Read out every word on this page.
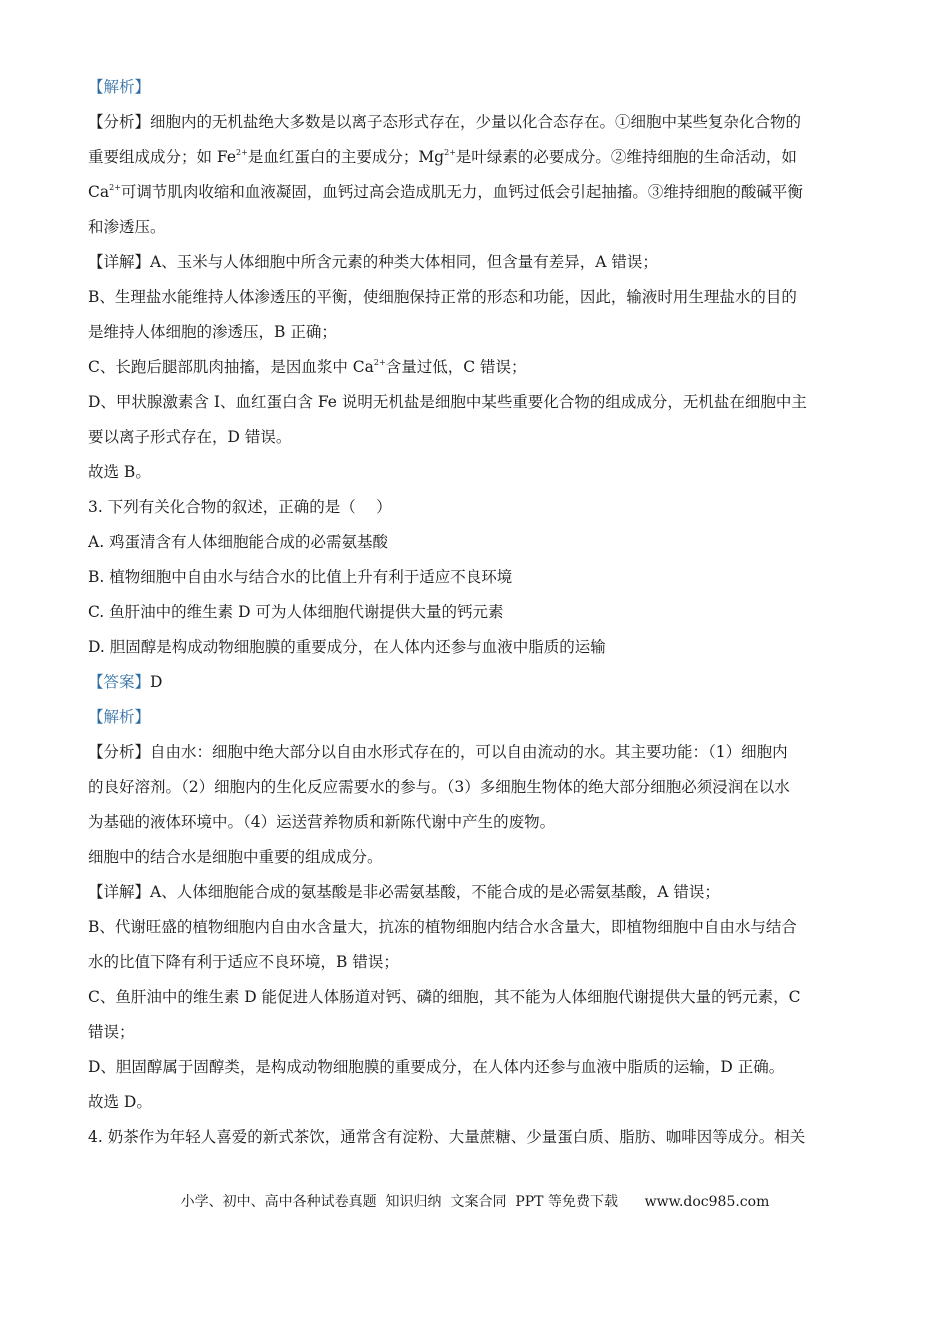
【解析】
【分析】细胞内的无机盐绝大多数是以离子态形式存在，少量以化合态存在。①细胞中某些复杂化合物的
重要组成成分；如 $Fe^{2+}$是血红蛋白的主要成分；$Mg^{2+}$是叶绿素的必要成分。②维持细胞的生命活动，如
$Ca^{2+}$可调节肌肉收缩和血液凝固，血钙过高会造成肌无力，血钙过低会引起抽搐。③维持细胞的酸碱平衡
和渗透压。
【详解】A、玉米与人体细胞中所含元素的种类大体相同，但含量有差异，A 错误；
B、生理盐水能维持人体渗透压的平衡，使细胞保持正常的形态和功能，因此，输液时用生理盐水的目的
是维持人体细胞的渗透压，B 正确；
C、长跑后腿部肌肉抽搐，是因血浆中 $Ca^{2+}$含量过低，C 错误；
D、甲状腺激素含 I、血红蛋白含 Fe 说明无机盐是细胞中某些重要化合物的组成成分，无机盐在细胞中主
要以离子形式存在，D 错误。
故选 B。
3. 下列有关化合物的叙述，正确的是（　 ）
A. 鸡蛋清含有人体细胞能合成的必需氨基酸
B. 植物细胞中自由水与结合水的比值上升有利于适应不良环境
C. 鱼肝油中的维生素 D 可为人体细胞代谢提供大量的钙元素
D. 胆固醇是构成动物细胞膜的重要成分，在人体内还参与血液中脂质的运输
【答案】D
【解析】
【分析】自由水：细胞中绝大部分以自由水形式存在的，可以自由流动的水。其主要功能：（1）细胞内
的良好溶剂。（2）细胞内的生化反应需要水的参与。（3）多细胞生物体的绝大部分细胞必须浸润在以水
为基础的液体环境中。（4）运送营养物质和新陈代谢中产生的废物。
细胞中的结合水是细胞中重要的组成成分。
【详解】A、人体细胞能合成的氨基酸是非必需氨基酸，不能合成的是必需氨基酸，A 错误；
B、代谢旺盛的植物细胞内自由水含量大，抗冻的植物细胞内结合水含量大，即植物细胞中自由水与结合
水的比值下降有利于适应不良环境，B 错误；
C、鱼肝油中的维生素 D 能促进人体肠道对钙、磷的细胞，其不能为人体细胞代谢提供大量的钙元素，C
错误；
D、胆固醇属于固醇类，是构成动物细胞膜的重要成分，在人体内还参与血液中脂质的运输，D 正确。
故选 D。
4. 奶茶作为年轻人喜爱的新式茶饮，通常含有淀粉、大量蔗糖、少量蛋白质、脂肪、咖啡因等成分。相关
小学、初中、高中各种试卷真题  知识归纳  文案合同  PPT 等免费下载      www.doc985.com
